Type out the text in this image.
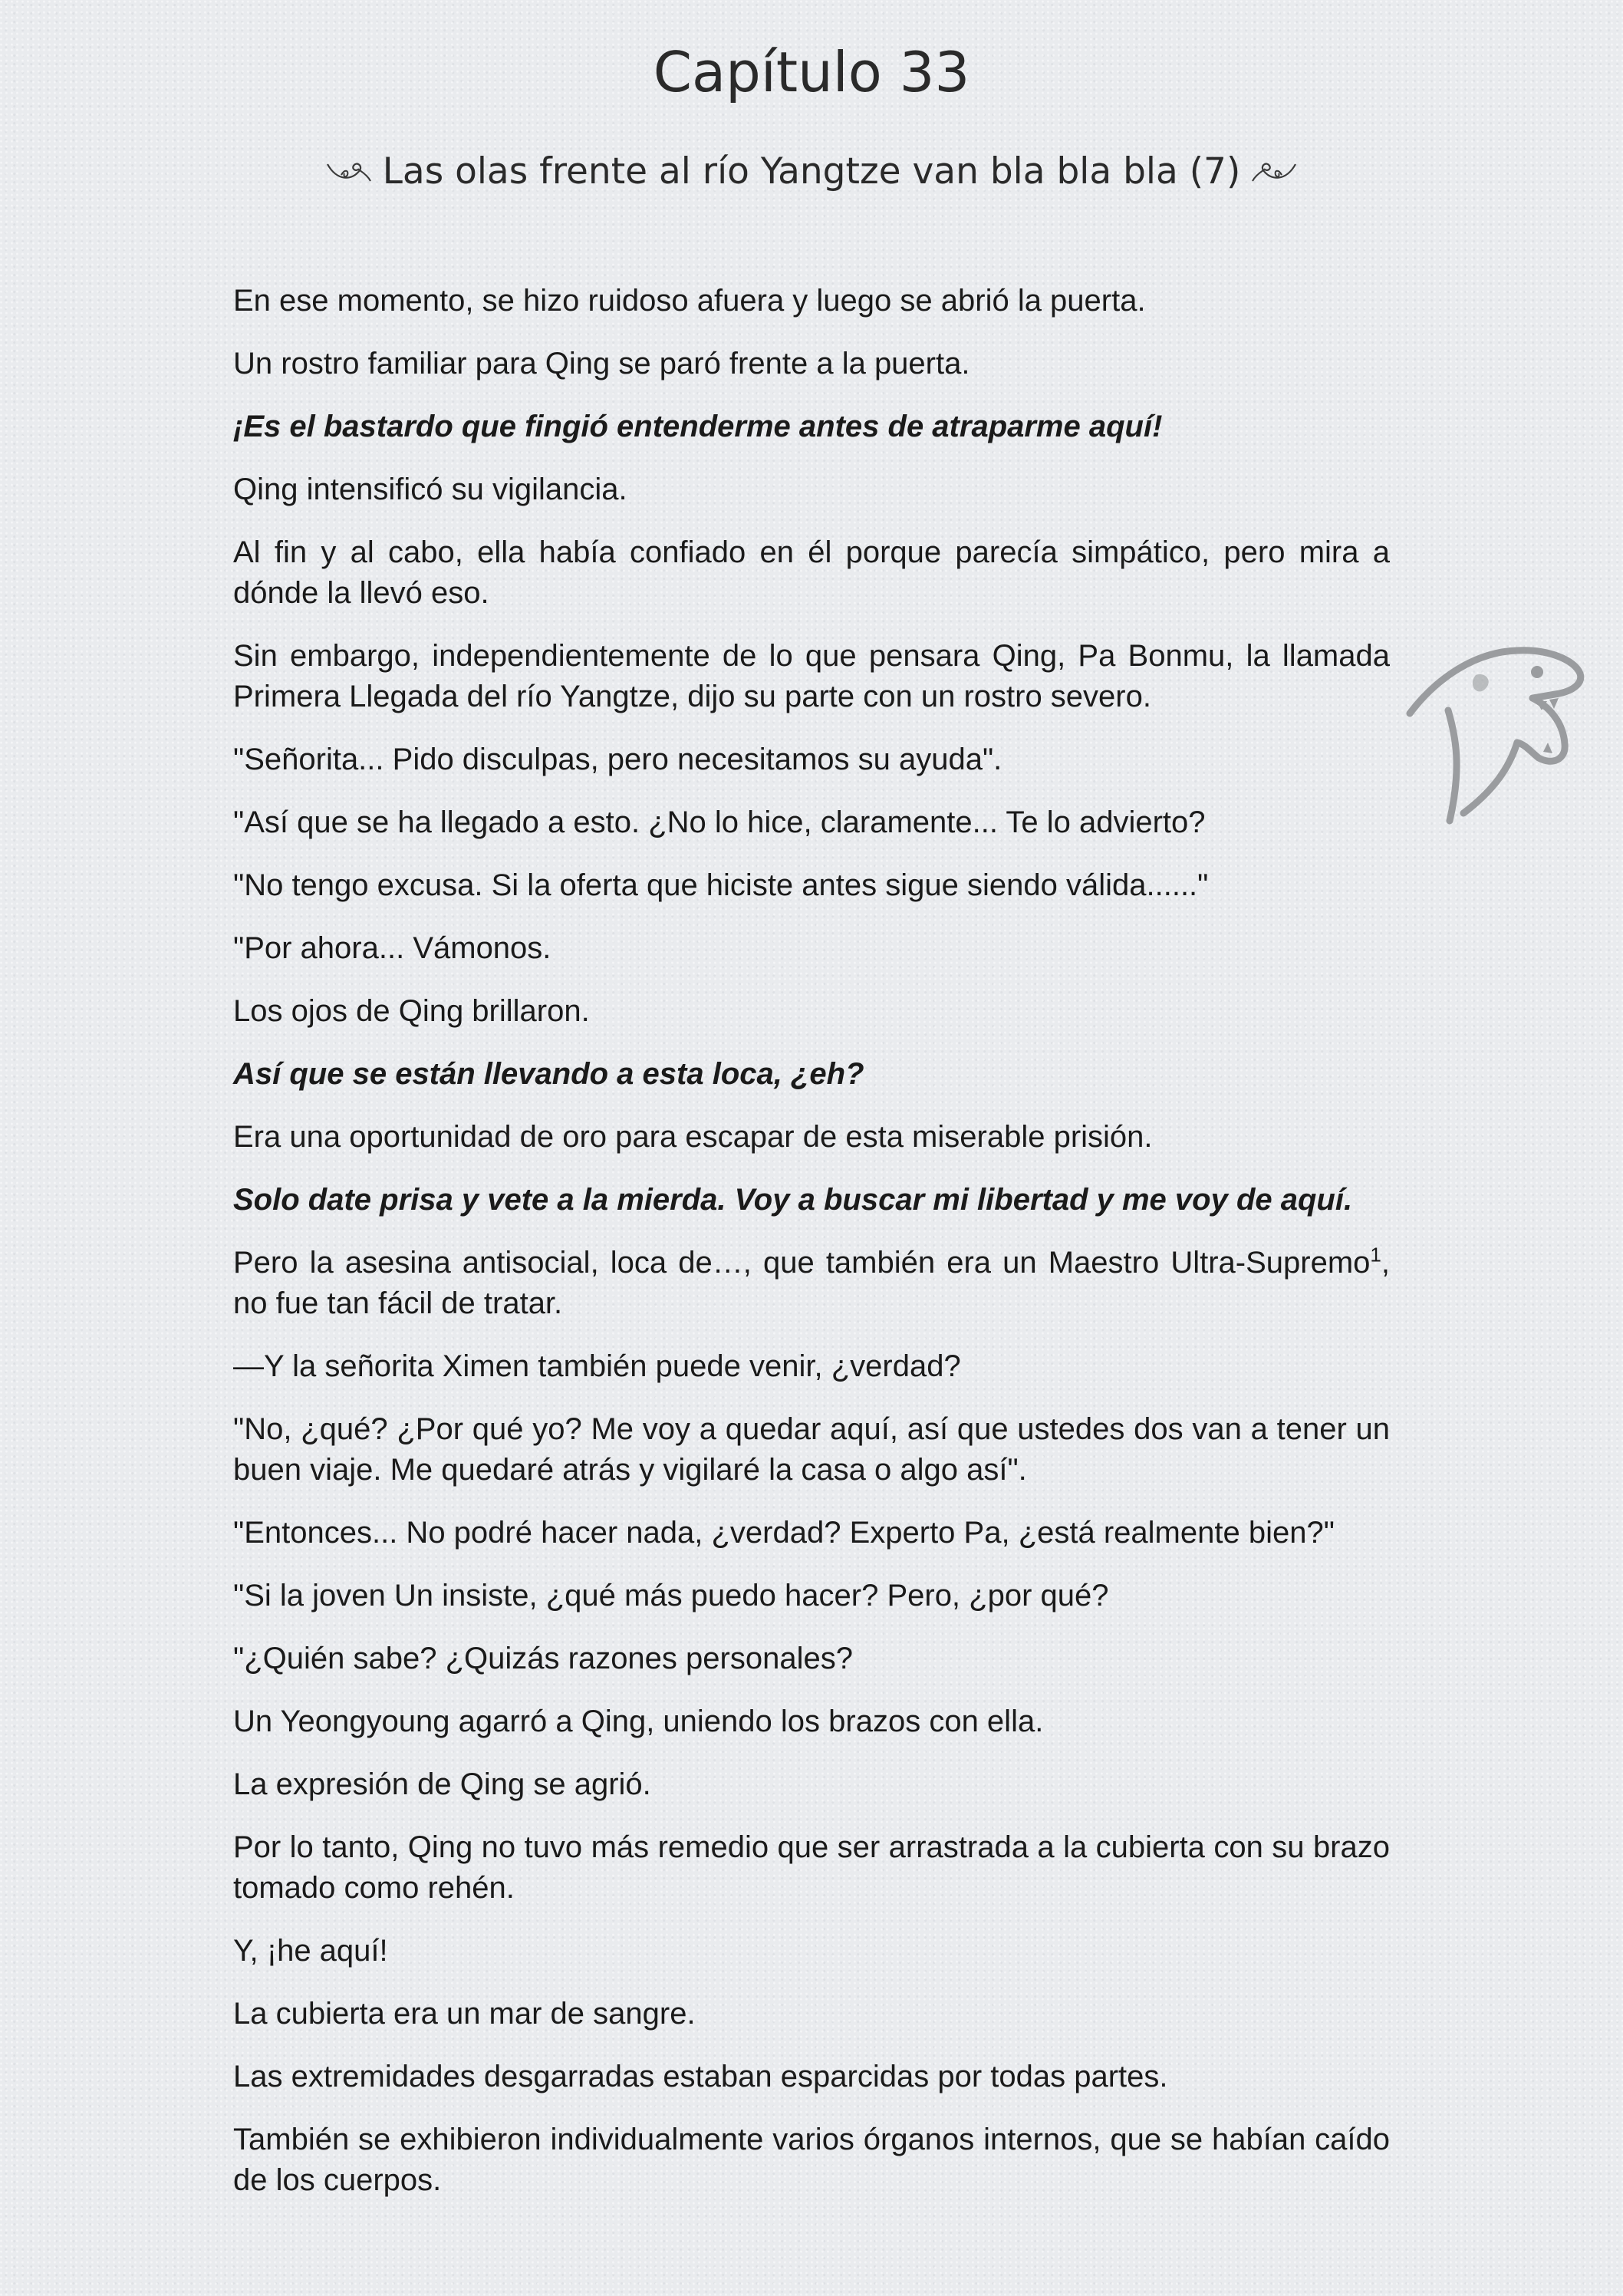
Capítulo 33
Las olas frente al río Yangtze van bla bla bla (7)

En ese momento, se hizo ruidoso afuera y luego se abrió la puerta.

Un rostro familiar para Qing se paró frente a la puerta.

¡Es el bastardo que fingió entenderme antes de atraparme aquí!

Qing intensificó su vigilancia.

Al fin y al cabo, ella había confiado en él porque parecía simpático, pero mira a dónde la llevó eso.

Sin embargo, independientemente de lo que pensara Qing, Pa Bonmu, la llamada Primera Llegada del río Yangtze, dijo su parte con un rostro severo.

"Señorita... Pido disculpas, pero necesitamos su ayuda".

"Así que se ha llegado a esto. ¿No lo hice, claramente... Te lo advierto?

"No tengo excusa. Si la oferta que hiciste antes sigue siendo válida......"

"Por ahora... Vámonos.

Los ojos de Qing brillaron.

Así que se están llevando a esta loca, ¿eh?

Era una oportunidad de oro para escapar de esta miserable prisión.

Solo date prisa y vete a la mierda. Voy a buscar mi libertad y me voy de aquí.

Pero la asesina antisocial, loca de…, que también era un Maestro Ultra-Supremo$^1$, no fue tan fácil de tratar.

—Y la señorita Ximen también puede venir, ¿verdad?

"No, ¿qué? ¿Por qué yo? Me voy a quedar aquí, así que ustedes dos van a tener un buen viaje. Me quedaré atrás y vigilaré la casa o algo así".

"Entonces... No podré hacer nada, ¿verdad? Experto Pa, ¿está realmente bien?"

"Si la joven Un insiste, ¿qué más puedo hacer? Pero, ¿por qué?

"¿Quién sabe? ¿Quizás razones personales?

Un Yeongyoung agarró a Qing, uniendo los brazos con ella.

La expresión de Qing se agrió.

Por lo tanto, Qing no tuvo más remedio que ser arrastrada a la cubierta con su brazo tomado como rehén.

Y, ¡he aquí!

La cubierta era un mar de sangre.

Las extremidades desgarradas estaban esparcidas por todas partes.

También se exhibieron individualmente varios órganos internos, que se habían caído de los cuerpos.
